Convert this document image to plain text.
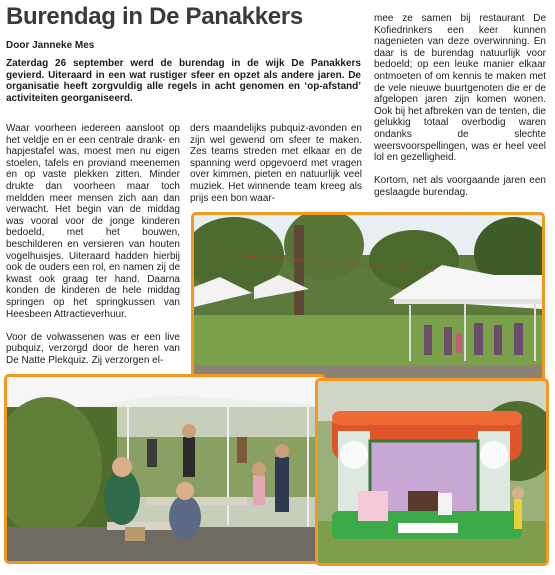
Burendag in De Panakkers
Door Janneke Mes
Zaterdag 26 september werd de burendag in de wijk De Panakkers gevierd. Uiteraard in een wat rustiger sfeer en opzet als andere jaren. De organisatie heeft zorgvuldig alle regels in acht genomen en ‘op-afstand’ activiteiten georganiseerd.

Waar voorheen iedereen aansloot op het veldje en er een centrale drank- en hapjestafel was, moest men nu eigen stoelen, tafels en proviand meenemen en op vaste plekken zitten. Minder drukte dan voorheen maar toch meldden meer mensen zich aan dan verwacht. Het begin van de middag was vooral voor de jonge kinderen bedoeld, met het bouwen, beschilderen en versieren van houten vogelhuisjes. Uiteraard hadden hierbij ook de ouders een rol, en namen zij de kwast ook graag ter hand. Daarna konden de kinderen de hele middag springen op het springkussen van Heesbeen Attractieverhuur.

Voor de volwassenen was er een live pubquiz, verzorgd door de heren van De Natte Plekquiz. Zij verzorgen el-

ders maandelijks pubquiz-avonden en zijn wel gewend om sfeer te maken. Zes teams streden met elkaar en de spanning werd opgevoerd met vragen over kimmen, pieten en natuurlijk veel muziek. Het winnende team kreeg als prijs een bon waar-

mee ze samen bij restaurant De Kofiedrinkers een keer kunnen nagenieten van deze overwinning. En daar is de burendag natuurlijk voor bedoeld; op een leuke manier elkaar ontmoeten of om kennis te maken met de vele nieuwe buurtgenoten die er de afgelopen jaren zijn komen wonen. Ook bij het afbreken van de tenten, die gelukkig totaal overbodig waren ondanks de slechte weersvoorspellingen, was er heel veel lol en gezelligheid.

Kortom, net als voorgaande jaren een geslaagde burendag.
